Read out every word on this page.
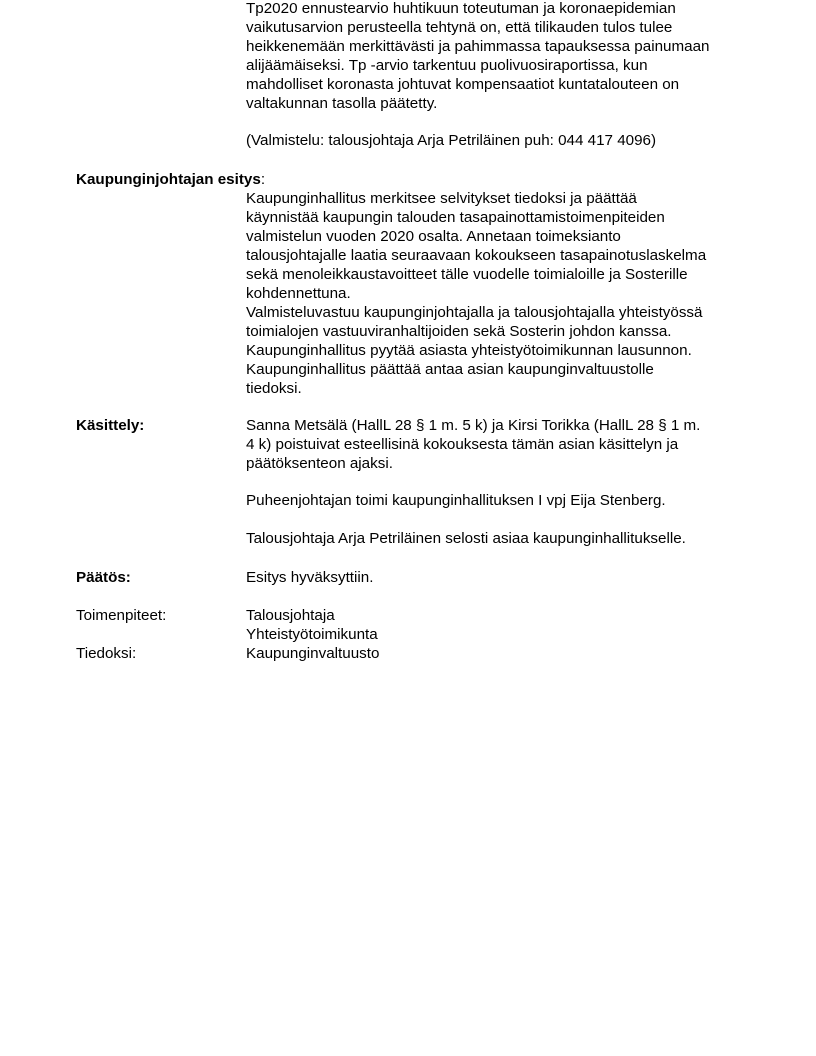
Tp2020 ennustearvio huhtikuun toteutuman ja koronaepidemian
vaikutusarvion perusteella tehtynä on, että tilikauden tulos tulee
heikkenemään merkittävästi ja pahimmassa tapauksessa painumaan
alijäämäiseksi. Tp -arvio tarkentuu puolivuosiraportissa, kun
mahdolliset koronasta johtuvat kompensaatiot kuntatalouteen on
valtakunnan tasolla päätetty.
(Valmistelu: talousjohtaja Arja Petriläinen puh: 044 417 4096)
Kaupunginjohtajan esitys:
Kaupunginhallitus merkitsee selvitykset tiedoksi ja päättää
käynnistää kaupungin talouden tasapainottamistoimenpiteiden
valmistelun vuoden 2020 osalta. Annetaan toimeksianto
talousjohtajalle laatia seuraavaan kokoukseen tasapainotuslaskelma
sekä menoleikkaustavoitteet tälle vuodelle toimialoille ja Sosterille
kohdennettuna.
Valmisteluvastuu kaupunginjohtajalla ja talousjohtajalla yhteistyössä
toimialojen vastuuviranhaltijoiden sekä Sosterin johdon kanssa.
Kaupunginhallitus pyytää asiasta yhteistyötoimikunnan lausunnon.
Kaupunginhallitus päättää antaa asian kaupunginvaltuustolle
tiedoksi.
Käsittely:	Sanna Metsälä (HallL 28 § 1 m. 5 k) ja Kirsi Torikka (HallL 28 § 1 m.
4 k) poistuivat esteellisinä kokouksesta tämän asian käsittelyn ja
päätöksenteon ajaksi.
Puheenjohtajan toimi kaupunginhallituksen I vpj Eija Stenberg.
Talousjohtaja Arja Petriläinen selosti asiaa kaupunginhallitukselle.
Päätös:	Esitys hyväksyttiin.
Toimenpiteet:	Talousjohtaja
Yhteistyötoimikunta
Tiedoksi:	Kaupunginvaltuusto
